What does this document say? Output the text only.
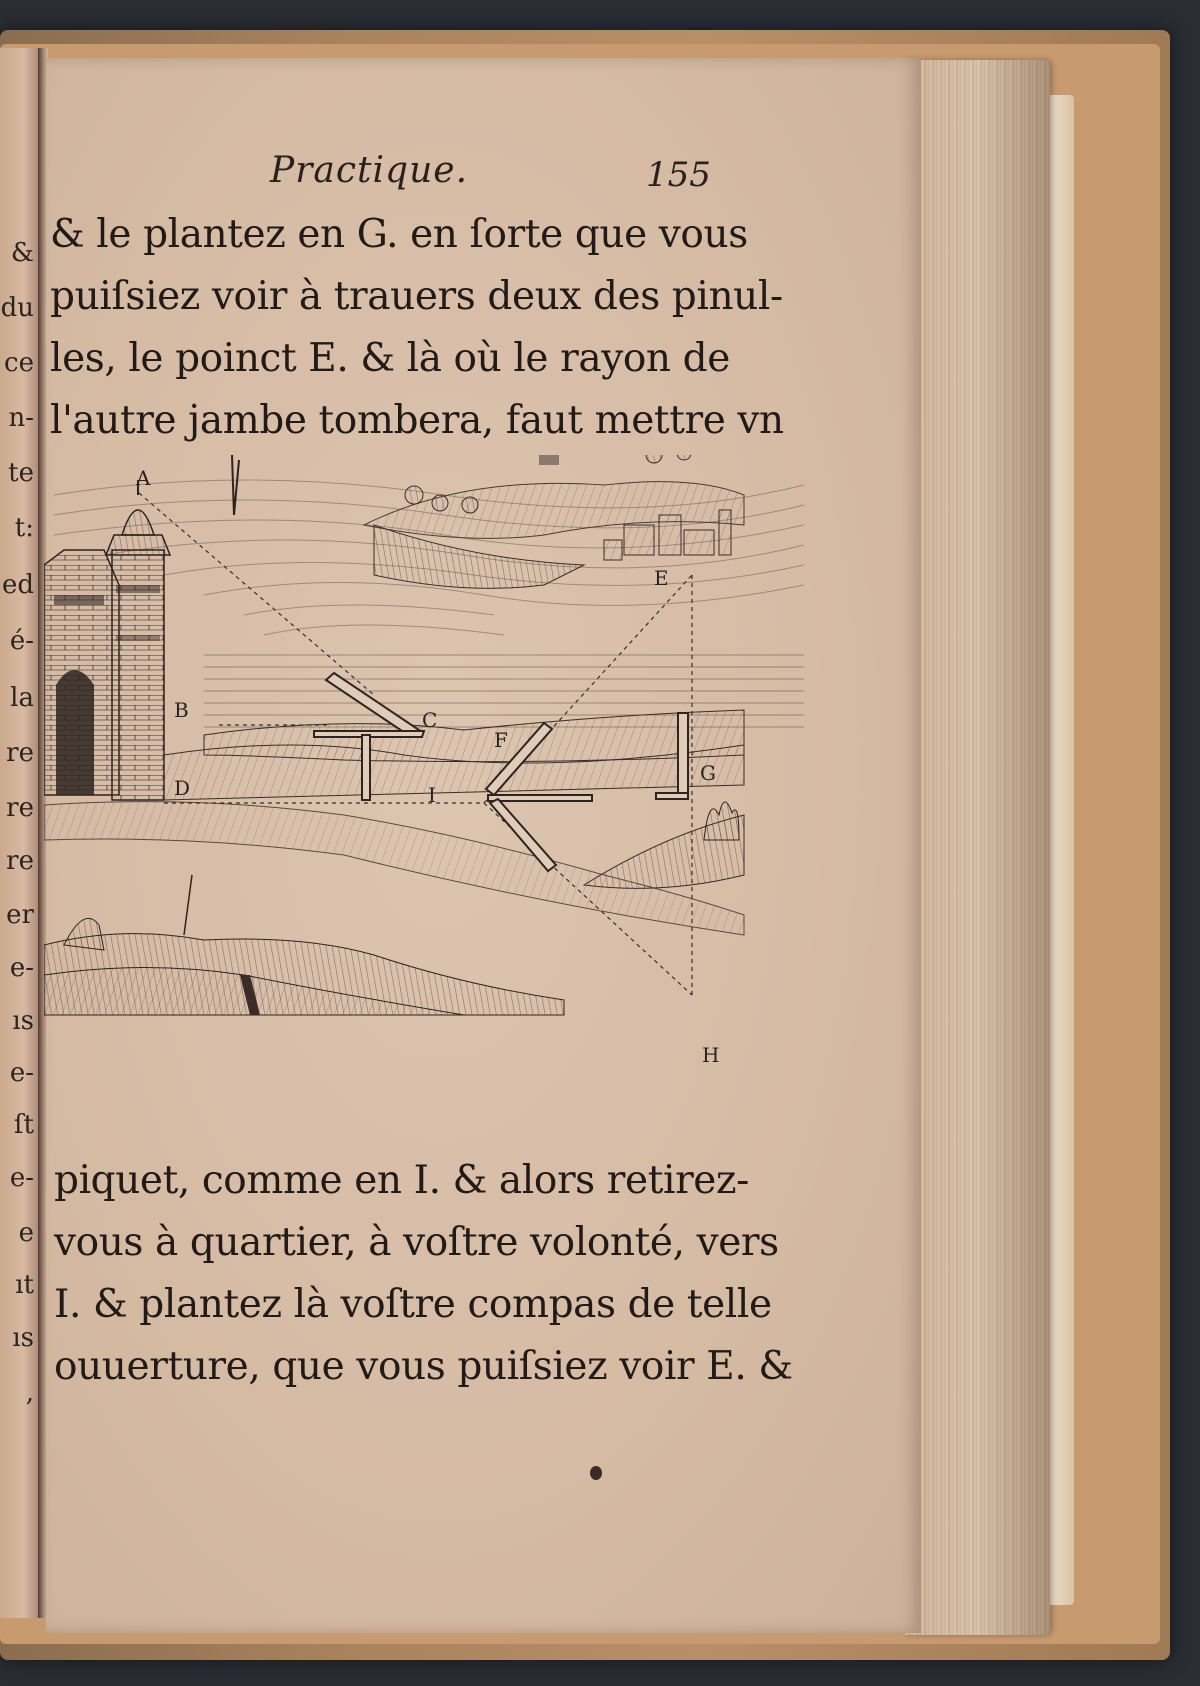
&
du
ce
n-
te
t:
ed
é-
la
re
re
re
er
e-
ıs
e-
ſt
e-
e
ıt
ıs
,
Practique.	155
& le plantez en G. en ſorte que vous
puiſsiez voir à trauers deux des pinul-
les, le poinct E. & là où le rayon de
l'autre jambe tombera, faut mettre vn
A
B	C
D
E
F
G
H
I
piquet, comme en I. & alors retirez-
vous à quartier, à voſtre volonté, vers
I. & plantez là voſtre compas de telle
ouuerture, que vous puiſsiez voir E. &
